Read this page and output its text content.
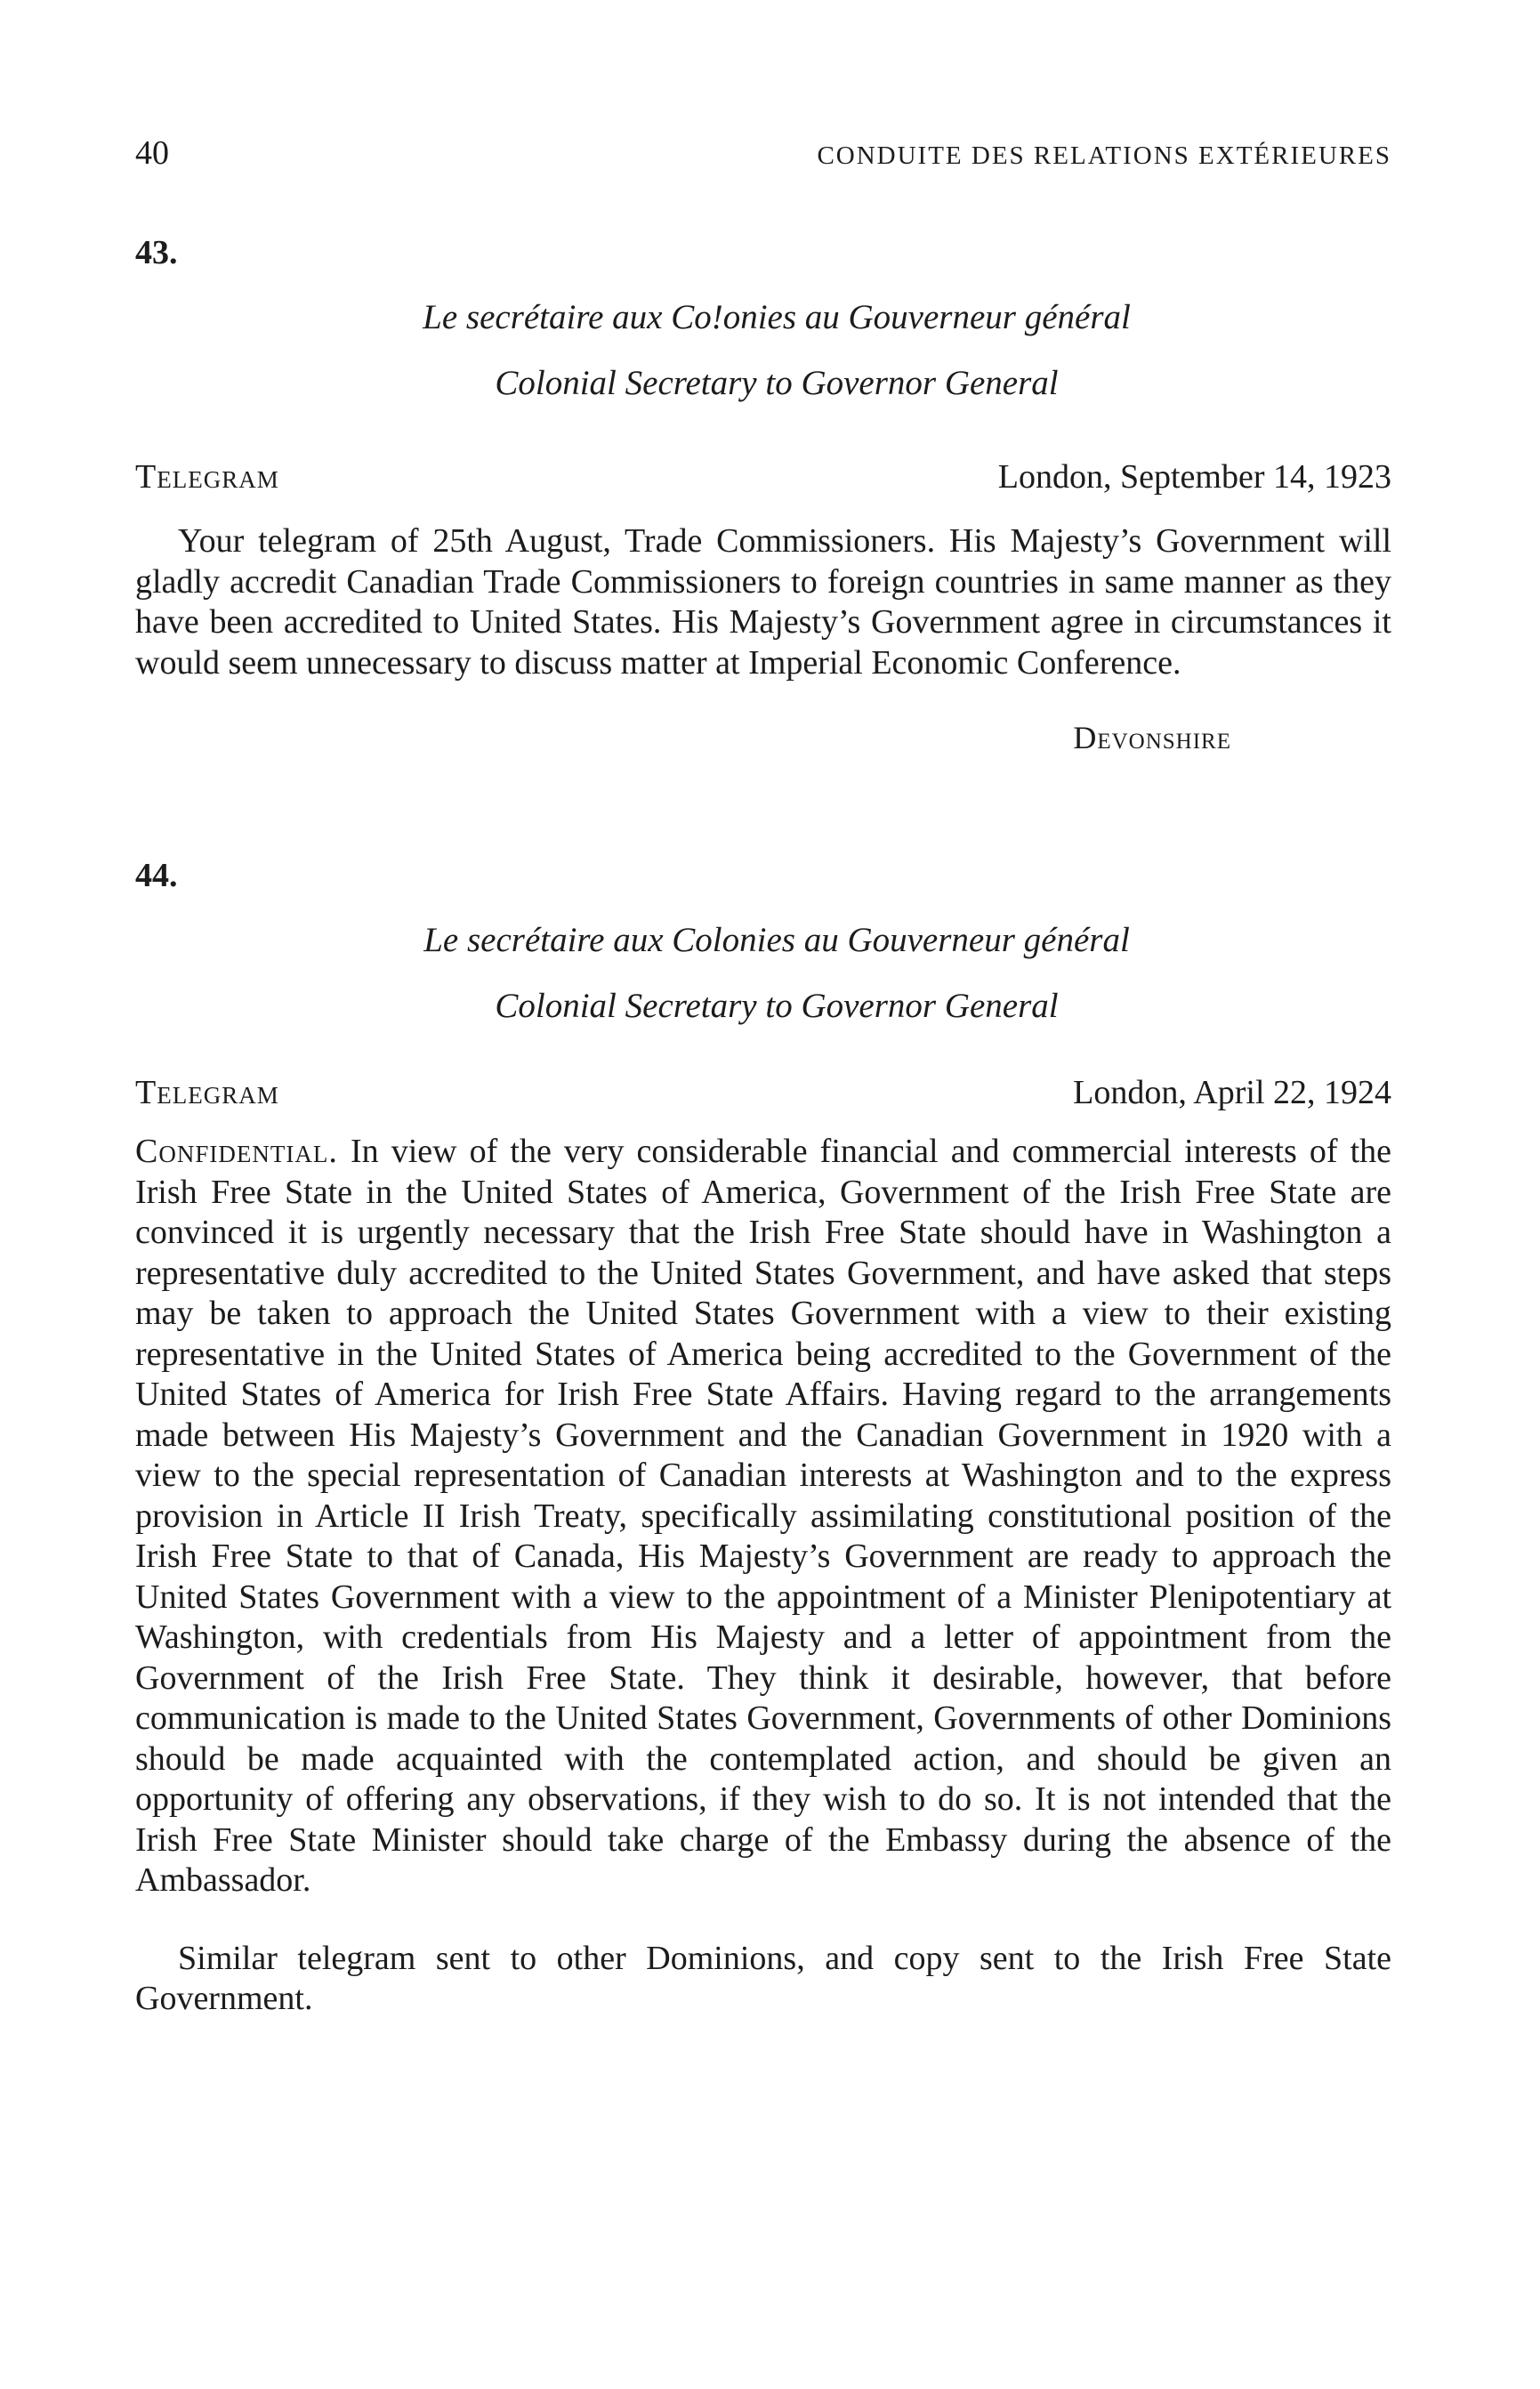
40	CONDUITE DES RELATIONS EXTÉRIEURES
43.
Le secrétaire aux Co!onies au Gouverneur général
Colonial Secretary to Governor General
Telegram	London, September 14, 1923

Your telegram of 25th August, Trade Commissioners. His Majesty’s Government will gladly accredit Canadian Trade Commissioners to foreign countries in same manner as they have been accredited to United States. His Majesty’s Government agree in circumstances it would seem unnecessary to discuss matter at Imperial Economic Conference.

Devonshire
44.
Le secrétaire aux Colonies au Gouverneur général
Colonial Secretary to Governor General
Telegram	London, April 22, 1924

Confidential. In view of the very considerable financial and commercial interests of the Irish Free State in the United States of America, Government of the Irish Free State are convinced it is urgently necessary that the Irish Free State should have in Washington a representative duly accredited to the United States Government, and have asked that steps may be taken to approach the United States Government with a view to their existing representative in the United States of America being accredited to the Government of the United States of America for Irish Free State Affairs. Having regard to the arrangements made between His Majesty’s Government and the Canadian Government in 1920 with a view to the special representation of Canadian interests at Washington and to the express provision in Article II Irish Treaty, specifically assimilating constitutional position of the Irish Free State to that of Canada, His Majesty’s Government are ready to approach the United States Government with a view to the appointment of a Minister Plenipotentiary at Washington, with credentials from His Majesty and a letter of appointment from the Government of the Irish Free State. They think it desirable, however, that before communication is made to the United States Government, Governments of other Dominions should be made acquainted with the contemplated action, and should be given an opportunity of offering any observations, if they wish to do so. It is not intended that the Irish Free State Minister should take charge of the Embassy during the absence of the Ambassador.

Similar telegram sent to other Dominions, and copy sent to the Irish Free State Government.
